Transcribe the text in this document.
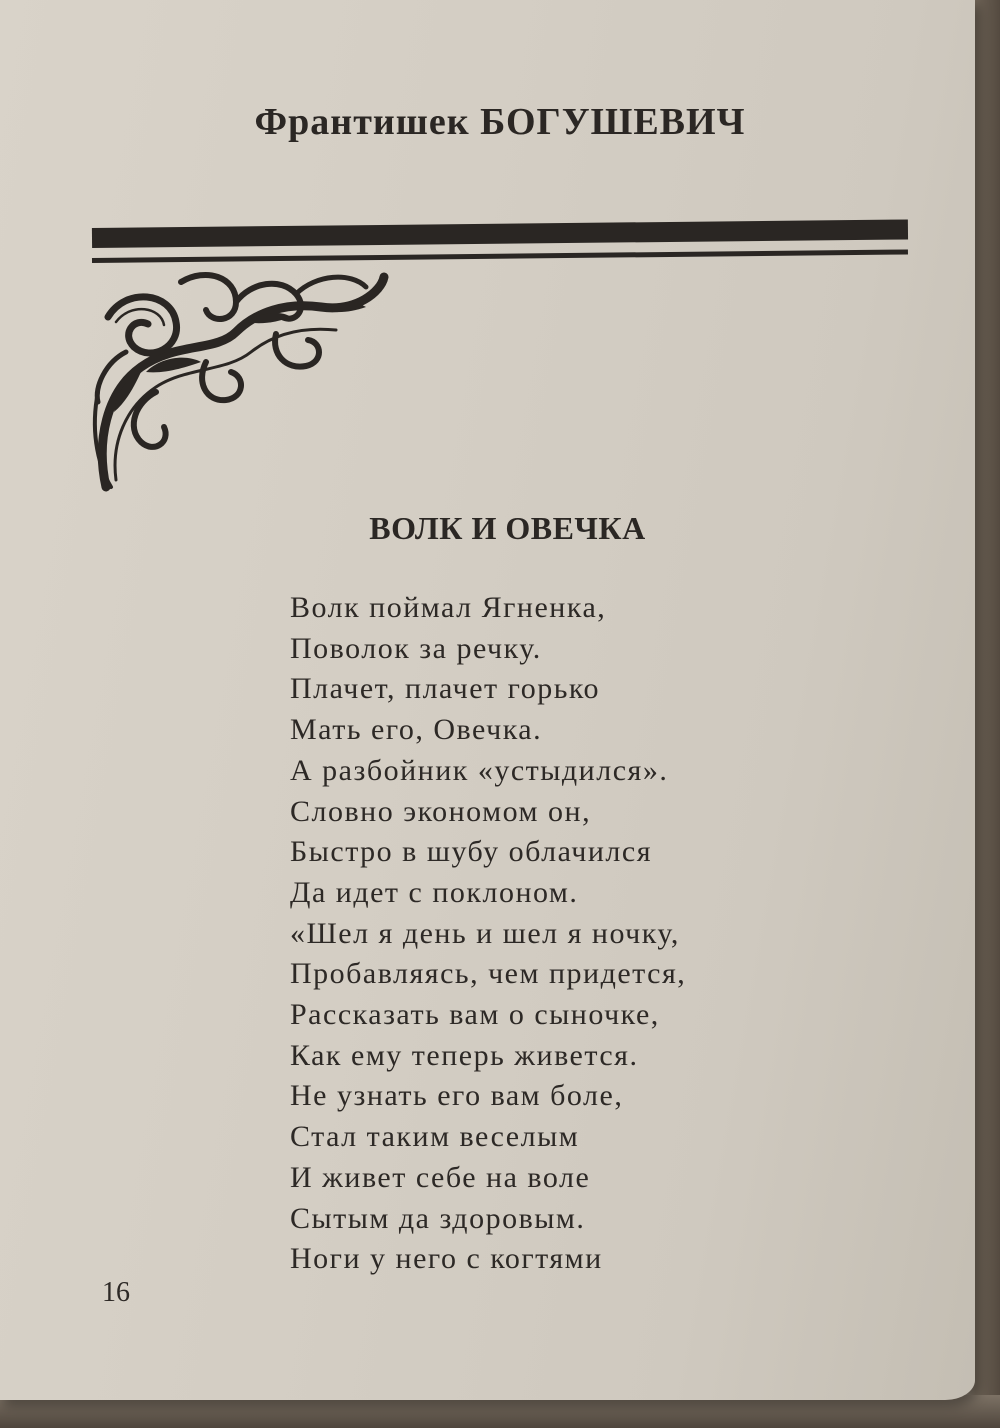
Франтишек БОГУШЕВИЧ
ВОЛК И ОВЕЧКА
Волк поймал Ягненка,
Поволок за речку.
Плачет, плачет горько
Мать его, Овечка.
А разбойник «устыдился».
Словно экономом он,
Быстро в шубу облачился
Да идет с поклоном.
«Шел я день и шел я ночку,
Пробавляясь, чем придется,
Рассказать вам о сыночке,
Как ему теперь живется.
Не узнать его вам боле,
Стал таким веселым
И живет себе на воле
Сытым да здоровым.
Ноги у него с когтями
16
